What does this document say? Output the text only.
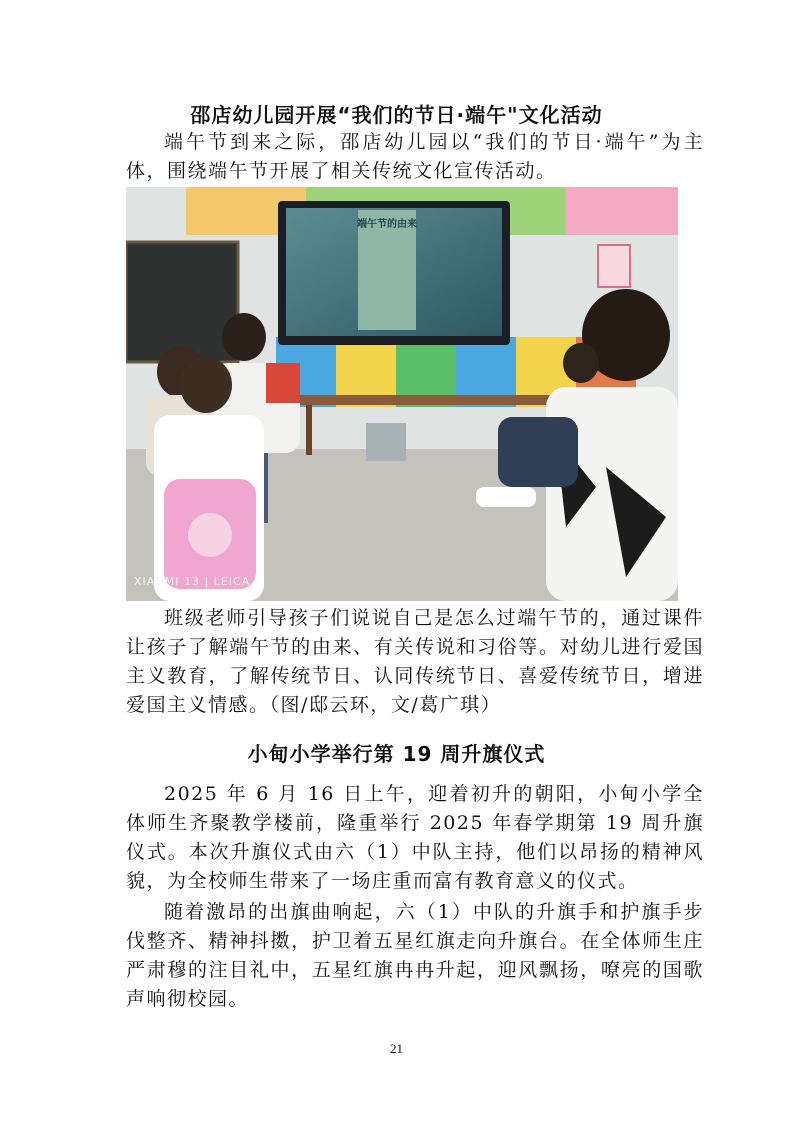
邵店幼儿园开展“我们的节日·端午"文化活动

端午节到来之际，邵店幼儿园以“我们的节日·端午”为主体，围绕端午节开展了相关传统文化宣传活动。

端午节的由来
XIAOMI 13 | LEICA

班级老师引导孩子们说说自己是怎么过端午节的，通过课件让孩子了解端午节的由来、有关传说和习俗等。对幼儿进行爱国主义教育，了解传统节日、认同传统节日、喜爱传统节日，增进爱国主义情感。（图/邸云环，文/葛广琪）

小甸小学举行第 19 周升旗仪式

2025 年 6 月 16 日上午，迎着初升的朝阳，小甸小学全体师生齐聚教学楼前，隆重举行 2025 年春学期第 19 周升旗仪式。本次升旗仪式由六（1）中队主持，他们以昂扬的精神风貌，为全校师生带来了一场庄重而富有教育意义的仪式。

随着激昂的出旗曲响起，六（1）中队的升旗手和护旗手步伐整齐、精神抖擞，护卫着五星红旗走向升旗台。在全体师生庄严肃穆的注目礼中，五星红旗冉冉升起，迎风飘扬，嘹亮的国歌声响彻校园。

21
